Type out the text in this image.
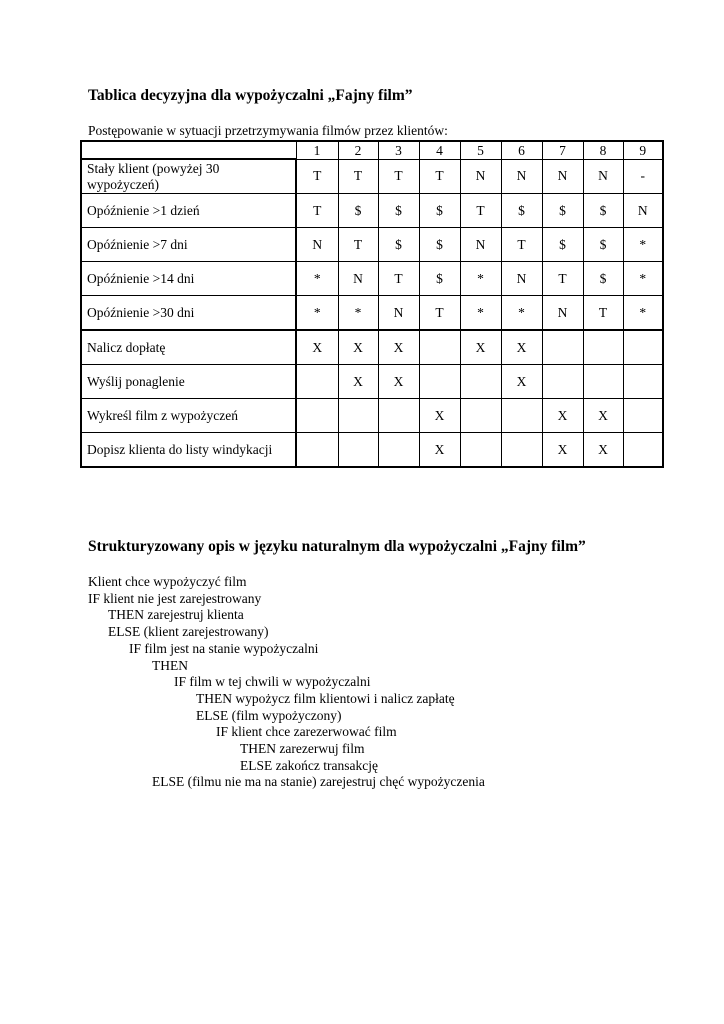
Tablica decyzyjna dla wypożyczalni „Fajny film”
Postępowanie w sytuacji przetrzymywania filmów przez klientów:
	1	2	3	4	5	6	7	8	9
Stały klient (powyżej 30 wypożyczeń)	T	T	T	T	N	N	N	N	-
Opóźnienie >1 dzień	T	$	$	$	T	$	$	$	N
Opóźnienie >7 dni	N	T	$	$	N	T	$	$	*
Opóźnienie >14 dni	*	N	T	$	*	N	T	$	*
Opóźnienie >30 dni	*	*	N	T	*	*	N	T	*
Nalicz dopłatę	X	X	X		X	X			
Wyślij ponaglenie		X	X			X			
Wykreśl film z wypożyczeń				X			X	X	
Dopisz klienta do listy windykacji				X			X	X	
Strukturyzowany opis w języku naturalnym dla wypożyczalni „Fajny film”
Klient chce wypożyczyć film
IF klient nie jest zarejestrowany
THEN zarejestruj klienta
ELSE (klient zarejestrowany)
IF film jest na stanie wypożyczalni
THEN
IF film w tej chwili w wypożyczalni
THEN wypożycz film klientowi i nalicz zapłatę
ELSE (film wypożyczony)
IF klient chce zarezerwować film
THEN zarezerwuj film
ELSE zakończ transakcję
ELSE (filmu nie ma na stanie) zarejestruj chęć wypożyczenia
